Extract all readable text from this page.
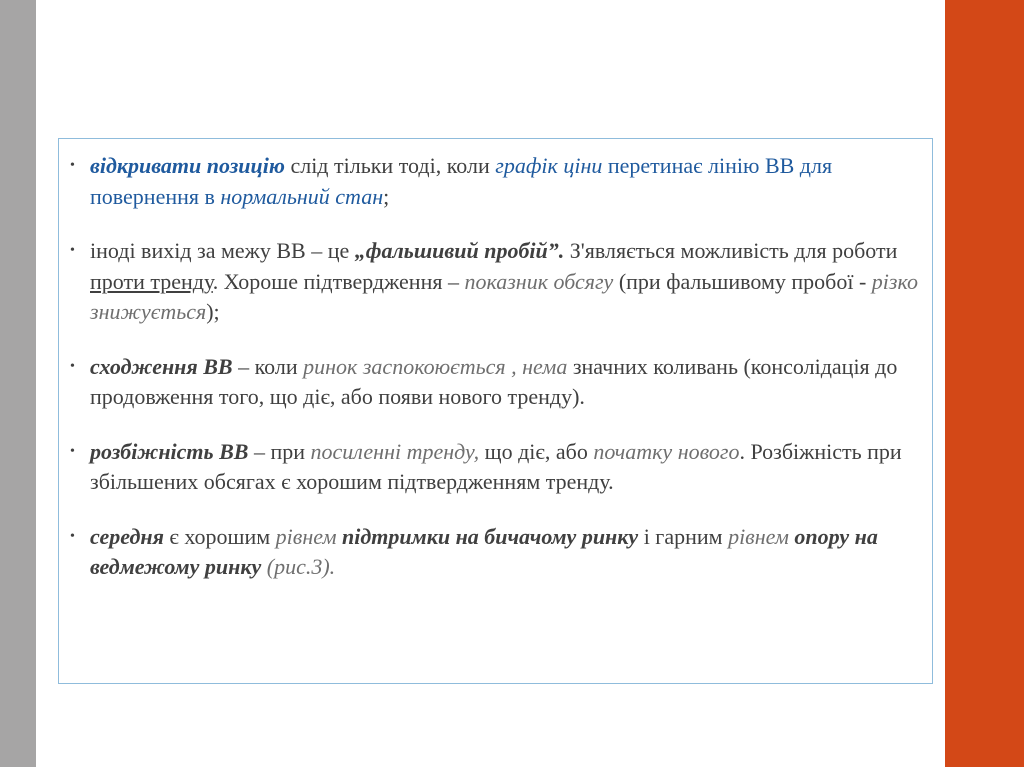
• відкривати позицію слід тільки тоді, коли графік ціни перетинає лінію ВВ для повернення в нормальний стан;
• іноді вихід за межу ВВ – це „фальшивий пробій”. З'являється можливість для роботи проти тренду. Хороше підтвердження – показник обсягу (при фальшивому пробої - різко знижується);
• сходження ВВ – коли ринок заспокоюється , нема значних коливань (консолідація до продовження того, що діє, або появи нового тренду).
• розбіжність ВВ – при посиленні тренду, що діє, або початку нового. Розбіжність при збільшених обсягах є хорошим підтвердженням тренду.
• середня є хорошим рівнем підтримки на бичачому ринку і гарним рівнем опору на ведмежому ринку (рис.3).
